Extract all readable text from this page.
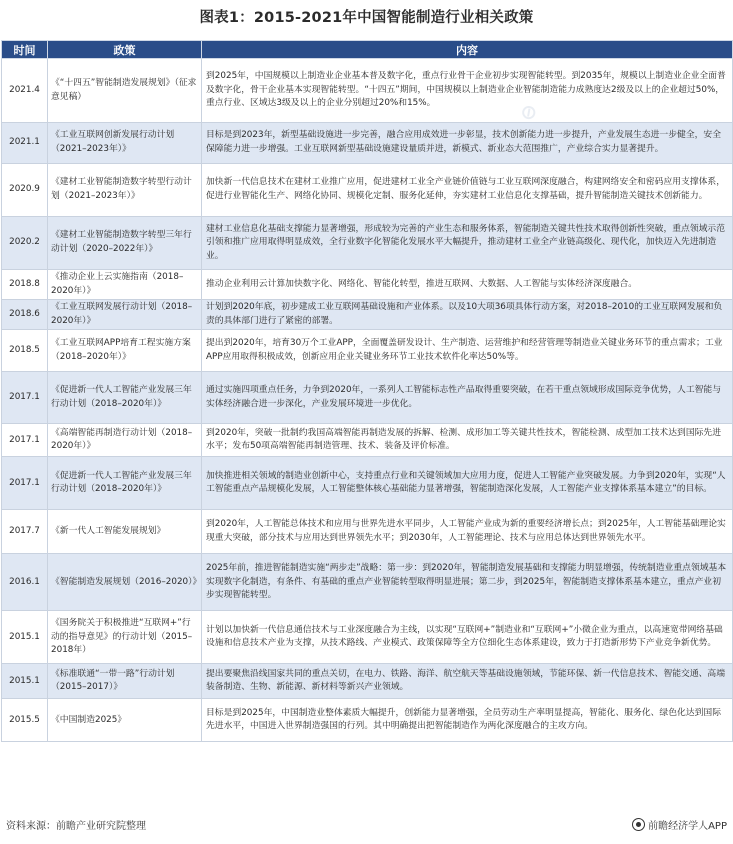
图表1：2015-2021年中国智能制造行业相关政策
⊘
时间	政策	内容
2021.4	《“十四五”智能制造发展规划》（征求意见稿）	到2025年，中国规模以上制造业企业基本普及数字化，重点行业骨干企业初步实现智能转型。到2035年，规模以上制造业企业全面普及数字化，骨干企业基本实现智能转型。“十四五”期间，中国规模以上制造业企业智能制造能力成熟度达2级及以上的企业超过50%，重点行业、区域达3级及以上的企业分别超过20%和15%。
2021.1	《工业互联网创新发展行动计划（2021–2023年）》	目标是到2023年，新型基础设施进一步完善，融合应用成效进一步彰显，技术创新能力进一步提升，产业发展生态进一步健全，安全保障能力进一步增强。工业互联网新型基础设施建设量质并进，新模式、新业态大范围推广，产业综合实力显著提升。
2020.9	《建材工业智能制造数字转型行动计划（2021–2023年）》	加快新一代信息技术在建材工业推广应用，促进建材工业全产业链价值链与工业互联网深度融合，构建网络安全和密码应用支撑体系，促进行业智能化生产、网络化协同、规模化定制、服务化延伸，夯实建材工业信息化支撑基础，提升智能制造关键技术创新能力。
2020.2	《建材工业智能制造数字转型三年行动计划（2020–2022年）》	建材工业信息化基础支撑能力显著增强，形成较为完善的产业生态和服务体系，智能制造关键共性技术取得创新性突破，重点领域示范引领和推广应用取得明显成效，全行业数字化智能化发展水平大幅提升，推动建材工业全产业链高级化、现代化，加快迈入先进制造业。
2018.8	《推动企业上云实施指南（2018–2020年）》	推动企业利用云计算加快数字化、网络化、智能化转型，推进互联网、大数据、人工智能与实体经济深度融合。
2018.6	《工业互联网发展行动计划（2018–2020年）》	计划到2020年底，初步建成工业互联网基础设施和产业体系。以及10大项36项具体行动方案，对2018–2010的工业互联网发展和负责的具体部门进行了紧密的部署。
2018.5	《工业互联网APP培育工程实施方案（2018–2020年）》	提出到2020年，培育30万个工业APP，全面覆盖研发设计、生产制造、运营维护和经营管理等制造业关键业务环节的重点需求；工业APP应用取得积极成效，创新应用企业关键业务环节工业技术软件化率达50%等。
2017.1	《促进新一代人工智能产业发展三年行动计划（2018–2020年）》	通过实施四项重点任务，力争到2020年，一系列人工智能标志性产品取得重要突破，在若干重点领域形成国际竞争优势，人工智能与实体经济融合进一步深化，产业发展环境进一步优化。
2017.1	《高端智能再制造行动计划（2018–2020年）》	到2020年，突破一批制约我国高端智能再制造发展的拆解、检测、成形加工等关键共性技术，智能检测、成型加工技术达到国际先进水平；发布50项高端智能再制造管理、技术、装备及评价标准。
2017.1	《促进新一代人工智能产业发展三年行动计划（2018–2020年）》	加快推进相关领域的制造业创新中心，支持重点行业和关键领域加大应用力度，促进人工智能产业突破发展。力争到2020年，实现“人工智能重点产品规模化发展，人工智能整体核心基础能力显著增强，智能制造深化发展，人工智能产业支撑体系基本建立”的目标。
2017.7	《新一代人工智能发展规划》	到2020年，人工智能总体技术和应用与世界先进水平同步，人工智能产业成为新的重要经济增长点；到2025年，人工智能基础理论实现重大突破，部分技术与应用达到世界领先水平；到2030年，人工智能理论、技术与应用总体达到世界领先水平。
2016.1	《智能制造发展规划（2016–2020）》	2025年前，推进智能制造实施“两步走”战略：第一步：到2020年，智能制造发展基础和支撑能力明显增强，传统制造业重点领域基本实现数字化制造，有条件、有基础的重点产业智能转型取得明显进展；第二步，到2025年，智能制造支撑体系基本建立，重点产业初步实现智能转型。
2015.1	《国务院关于积极推进“互联网+”行动的指导意见》的行动计划（2015–2018年）	计划以加快新一代信息通信技术与工业深度融合为主线，以实现“互联网+”制造业和“互联网+”小微企业为重点，以高速宽带网络基础设施和信息技术产业为支撑，从技术路线、产业模式、政策保障等全方位细化生态体系建设，致力于打造新形势下产业竞争新优势。
2015.1	《标准联通“一带一路”行动计划（2015–2017）》	提出要聚焦沿线国家共同的重点关切，在电力、铁路、海洋、航空航天等基础设施领域，节能环保、新一代信息技术、智能交通、高端装备制造、生物、新能源、新材料等新兴产业领域。
2015.5	《中国制造2025》	目标是到2025年，中国制造业整体素质大幅提升，创新能力显著增强，全员劳动生产率明显提高，智能化、服务化、绿色化达到国际先进水平，中国进入世界制造强国的行列。其中明确提出把智能制造作为两化深度融合的主攻方向。
资料来源：前瞻产业研究院整理	前瞻经济学人APP
